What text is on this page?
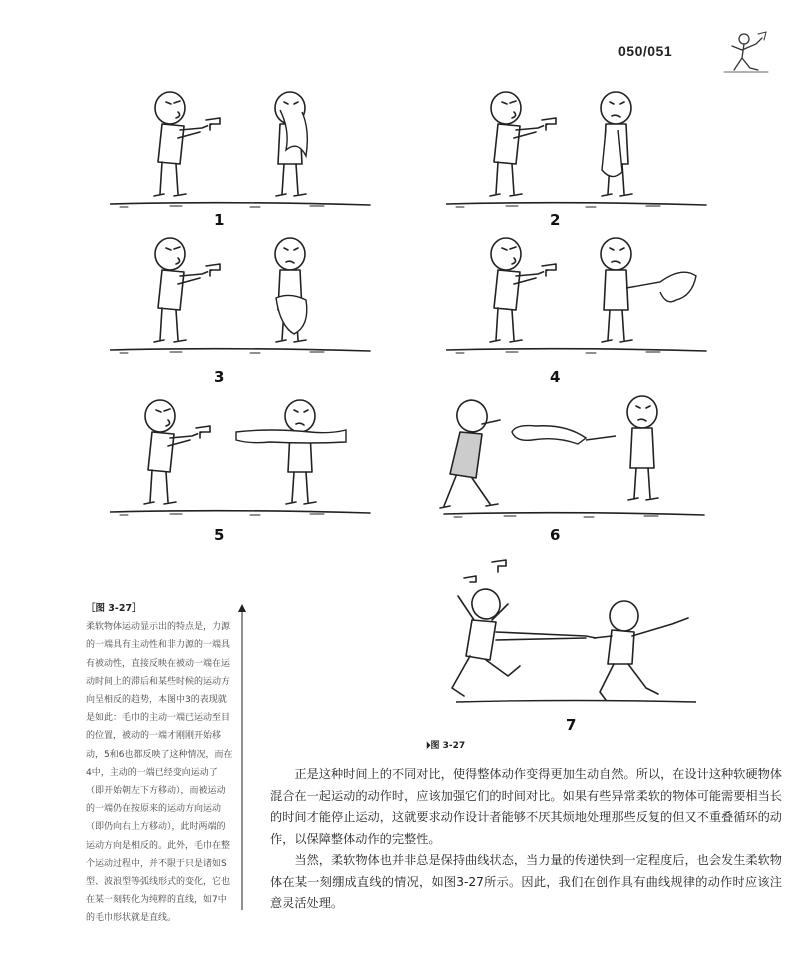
050/051
1	2
3	4
5	6
7
⏵图 3-27
［图 3-27］
柔软物体运动显示出的特点是，力源的一端具有主动性和非力源的一端具有被动性，直接反映在被动一端在运动时间上的滞后和某些时候的运动方向呈相反的趋势，本图中3的表现就是如此：毛巾的主动一端已运动至目的位置，被动的一端才刚刚开始移动，5和6也都反映了这种情况，而在4中，主动的一端已经变向运动了（即开始朝左下方移动），而被运动的一端仍在按原来的运动方向运动（即仍向右上方移动），此时两端的运动方向是相反的。此外，毛巾在整个运动过程中，并不限于只是诸如S型、波浪型等弧线形式的变化，它也在某一刻转化为纯粹的直线，如7中的毛巾形状就是直线。

正是这种时间上的不同对比，使得整体动作变得更加生动自然。所以，在设计这种软硬物体混合在一起运动的动作时，应该加强它们的时间对比。如果有些异常柔软的物体可能需要相当长的时间才能停止运动，这就要求动作设计者能够不厌其烦地处理那些反复的但又不重叠循环的动作，以保障整体动作的完整性。

当然，柔软物体也并非总是保持曲线状态，当力量的传递快到一定程度后，也会发生柔软物体在某一刻绷成直线的情况，如图3-27所示。因此，我们在创作具有曲线规律的动作时应该注意灵活处理。
